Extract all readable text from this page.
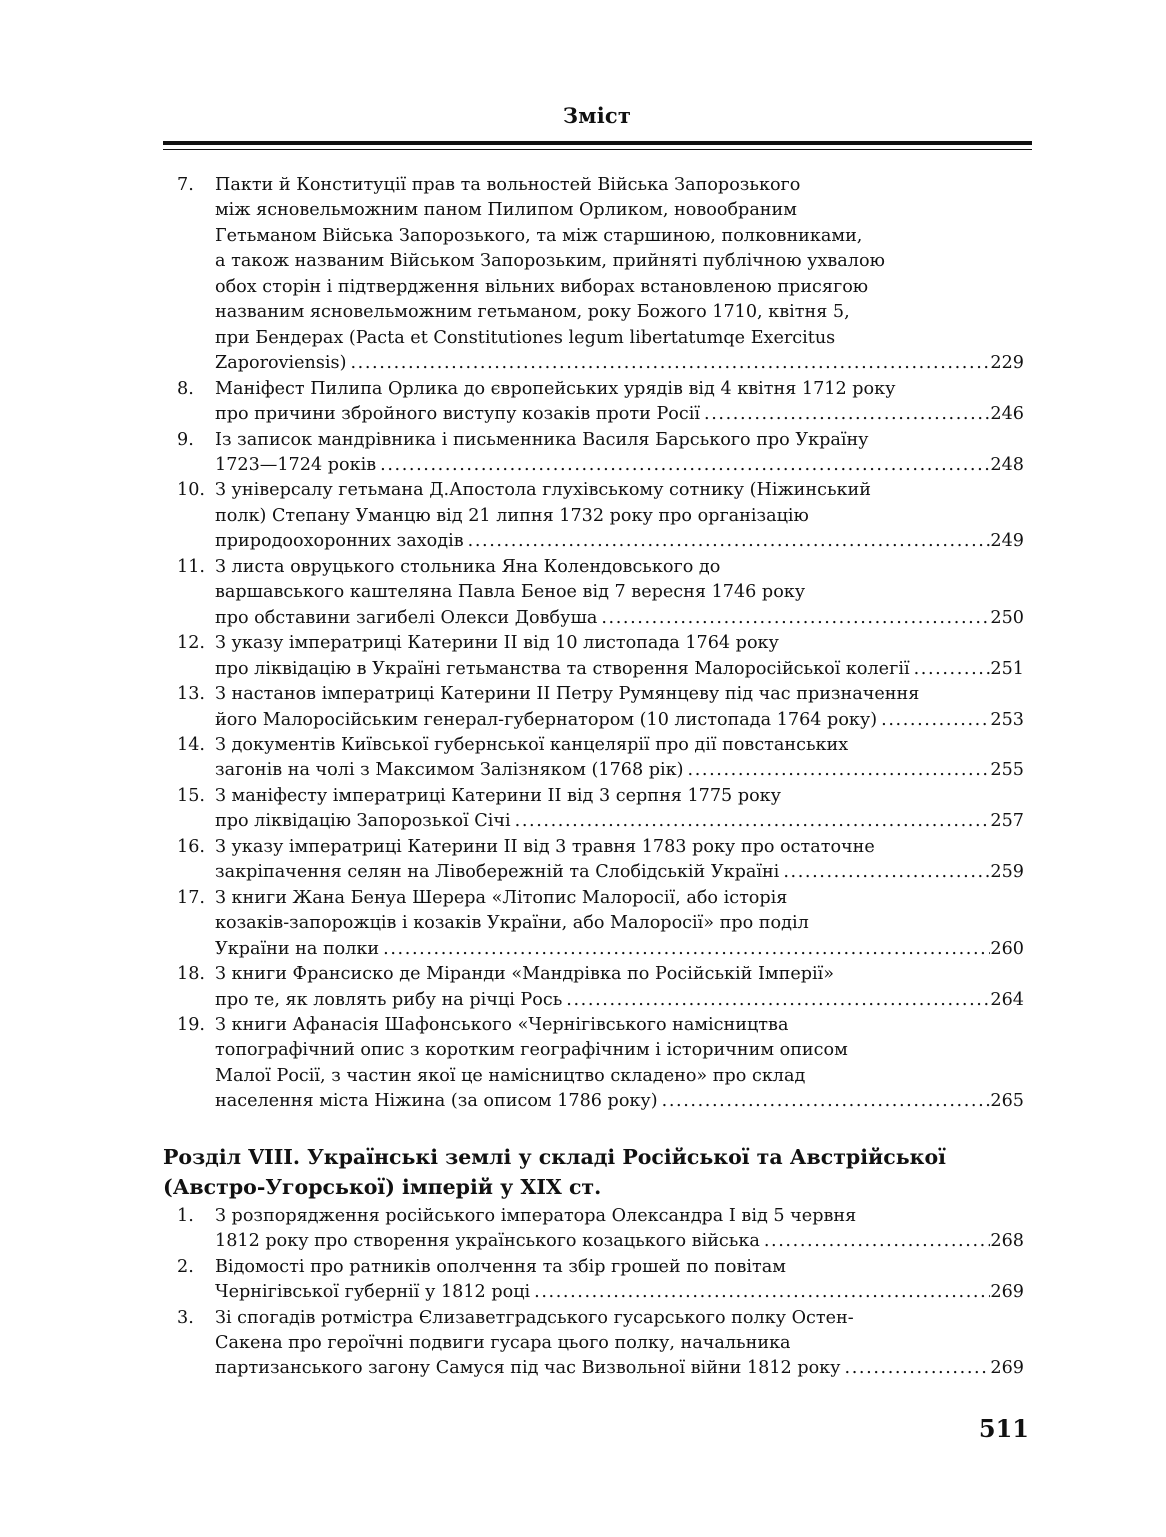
Зміст
7. Пакти й Конституції прав та вольностей Війська Запорозького
між ясновельможним паном Пилипом Орликом, новообраним
Гетьманом Війська Запорозького, та між старшиною, полковниками,
а також названим Військом Запорозьким, прийняті публічною ухвалою
обох сторін і підтвердження вільних виборах встановленою присягою
названим ясновельможним гетьманом, року Божого 1710, квітня 5,
при Бендерах (Pacta et Constitutiones legum libertatumqe Exercitus
Zaporoviensis) .....	229
8. Маніфест Пилипа Орлика до європейських урядів від 4 квітня 1712 року
про причини збройного виступу козаків проти Росії .....	246
9. Із записок мандрівника і письменника Василя Барського про Україну
1723—1724 років .....	248
10. З універсалу гетьмана Д.Апостола глухівському сотнику (Ніжинський
полк) Степану Уманцю від 21 липня 1732 року про організацію
природоохоронних заходів .....	249
11. З листа овруцького стольника Яна Колендовського до
варшавського каштеляна Павла Беное від 7 вересня 1746 року
про обставини загибелі Олекси Довбуша .....	250
12. З указу імператриці Катерини II від 10 листопада 1764 року
про ліквідацію в Україні гетьманства та створення Малоросійської колегії .....	251
13. З настанов імператриці Катерини II Петру Румянцеву під час призначення
його Малоросійським генерал-губернатором (10 листопада 1764 року) .....	253
14. З документів Київської губернської канцелярії про дії повстанських
загонів на чолі з Максимом Залізняком (1768 рік) .....	255
15. З маніфесту імператриці Катерини II від 3 серпня 1775 року
про ліквідацію Запорозької Січі .....	257
16. З указу імператриці Катерини II від 3 травня 1783 року про остаточне
закріпачення селян на Лівобережній та Слобідській Україні .....	259
17. З книги Жана Бенуа Шерера «Літопис Малоросії, або історія
козаків-запорожців і козаків України, або Малоросії» про поділ
України на полки .....	260
18. З книги Франсиско де Міранди «Мандрівка по Російській Імперії»
про те, як ловлять рибу на річці Рось .....	264
19. З книги Афанасія Шафонського «Чернігівського намісництва
топографічний опис з коротким географічним і історичним описом
Малої Росії, з частин якої це намісництво складено» про склад
населення міста Ніжина (за описом 1786 року) .....	265
Розділ VIII. Українські землі у складі Російської та Австрійської
(Австро-Угорської) імперій у XIX ст.
1. З розпорядження російського імператора Олександра I від 5 червня
1812 року про створення українського козацького війська .....	268
2. Відомості про ратників ополчення та збір грошей по повітам
Чернігівської губернії у 1812 році .....	269
3. Зі спогадів ротмістра Єлизаветградського гусарського полку Остен-
Сакена про героїчні подвиги гусара цього полку, начальника
партизанського загону Самуся під час Визвольної війни 1812 року .....	269
511
